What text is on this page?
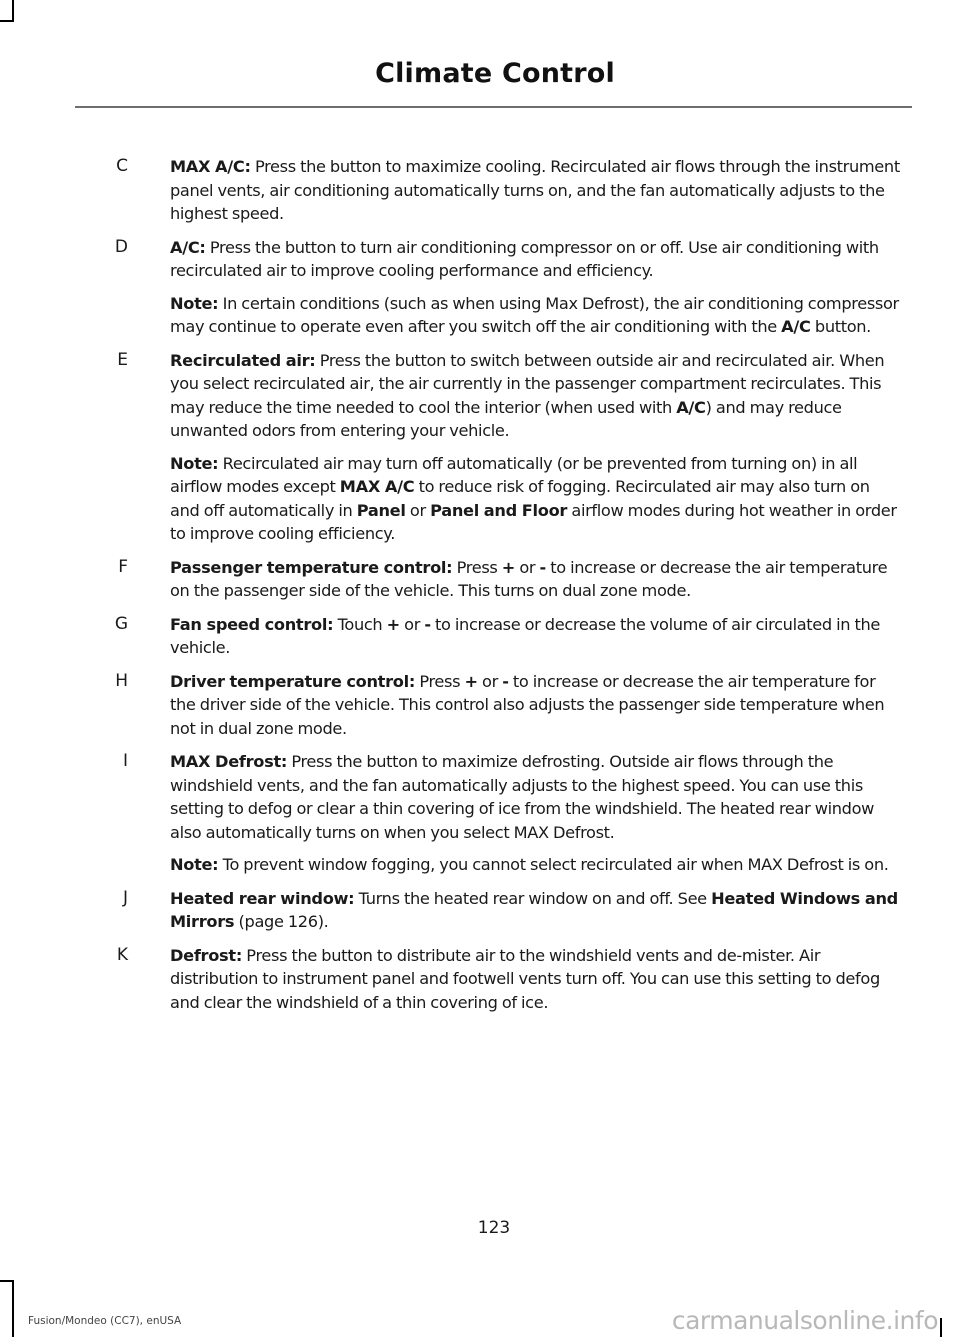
Climate Control
C	MAX A/C: Press the button to maximize cooling. Recirculated air flows through the instrument panel vents, air conditioning automatically turns on, and the fan automatically adjusts to the highest speed.

D	A/C: Press the button to turn air conditioning compressor on or off. Use air conditioning with recirculated air to improve cooling performance and efficiency.

Note: In certain conditions (such as when using Max Defrost), the air conditioning compressor may continue to operate even after you switch off the air conditioning with the A/C button.

E	Recirculated air: Press the button to switch between outside air and recirculated air. When you select recirculated air, the air currently in the passenger compartment recirculates. This may reduce the time needed to cool the interior (when used with A/C) and may reduce unwanted odors from entering your vehicle.

Note: Recirculated air may turn off automatically (or be prevented from turning on) in all airflow modes except MAX A/C to reduce risk of fogging. Recirculated air may also turn on and off automatically in Panel or Panel and Floor airflow modes during hot weather in order to improve cooling efficiency.

F	Passenger temperature control: Press + or - to increase or decrease the air temperature on the passenger side of the vehicle. This turns on dual zone mode.

G	Fan speed control: Touch + or - to increase or decrease the volume of air circulated in the vehicle.

H	Driver temperature control: Press + or - to increase or decrease the air temperature for the driver side of the vehicle. This control also adjusts the passenger side temperature when not in dual zone mode.

I	MAX Defrost: Press the button to maximize defrosting. Outside air flows through the windshield vents, and the fan automatically adjusts to the highest speed. You can use this setting to defog or clear a thin covering of ice from the windshield. The heated rear window also automatically turns on when you select MAX Defrost.

Note: To prevent window fogging, you cannot select recirculated air when MAX Defrost is on.

J	Heated rear window: Turns the heated rear window on and off. See Heated Windows and Mirrors (page 126).

K	Defrost: Press the button to distribute air to the windshield vents and de-mister. Air distribution to instrument panel and footwell vents turn off. You can use this setting to defog and clear the windshield of a thin covering of ice.

123
Fusion/Mondeo (CC7), enUSA	carmanualsonline.info
